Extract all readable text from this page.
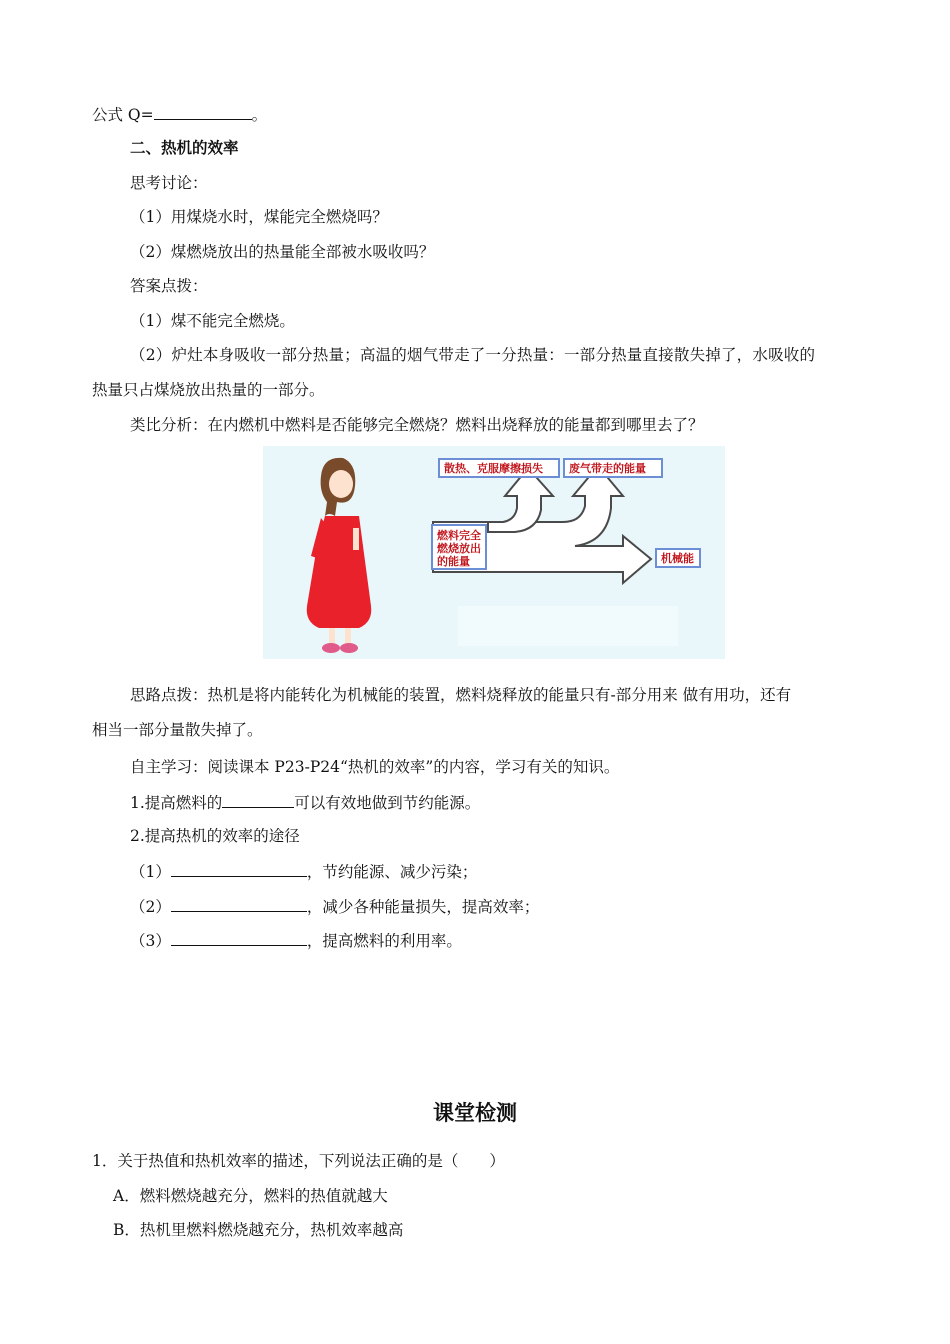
公式 Q=	。
二、热机的效率
思考讨论：
（1）用煤烧水时，煤能完全燃烧吗？
（2）煤燃烧放出的热量能全部被水吸收吗？
答案点拨：
（1）煤不能完全燃烧。
（2）炉灶本身吸收一部分热量；高温的烟气带走了一分热量：一部分热量直接散失掉了，水吸收的
热量只占煤烧放出热量的一部分。
类比分析：在内燃机中燃料是否能够完全燃烧？燃料出烧释放的能量都到哪里去了？
散热、克服摩擦损失	废气带走的能量
燃料完全燃烧放出的能量	机械能
思路点拨：热机是将内能转化为机械能的装置，燃料烧释放的能量只有-部分用来 做有用功，还有
相当一部分量散失掉了。
自主学习：阅读课本 P23-P24“热机的效率”的内容，学习有关的知识。
1.提高燃料的	可以有效地做到节约能源。
2.提高热机的效率的途径
（1）	，节约能源、减少污染；
（2）	，减少各种能量损失，提高效率；
（3）	，提高燃料的利用率。
课堂检测
1．关于热值和热机效率的描述，下列说法正确的是（　　）
A．燃料燃烧越充分，燃料的热值就越大
B．热机里燃料燃烧越充分，热机效率越高
